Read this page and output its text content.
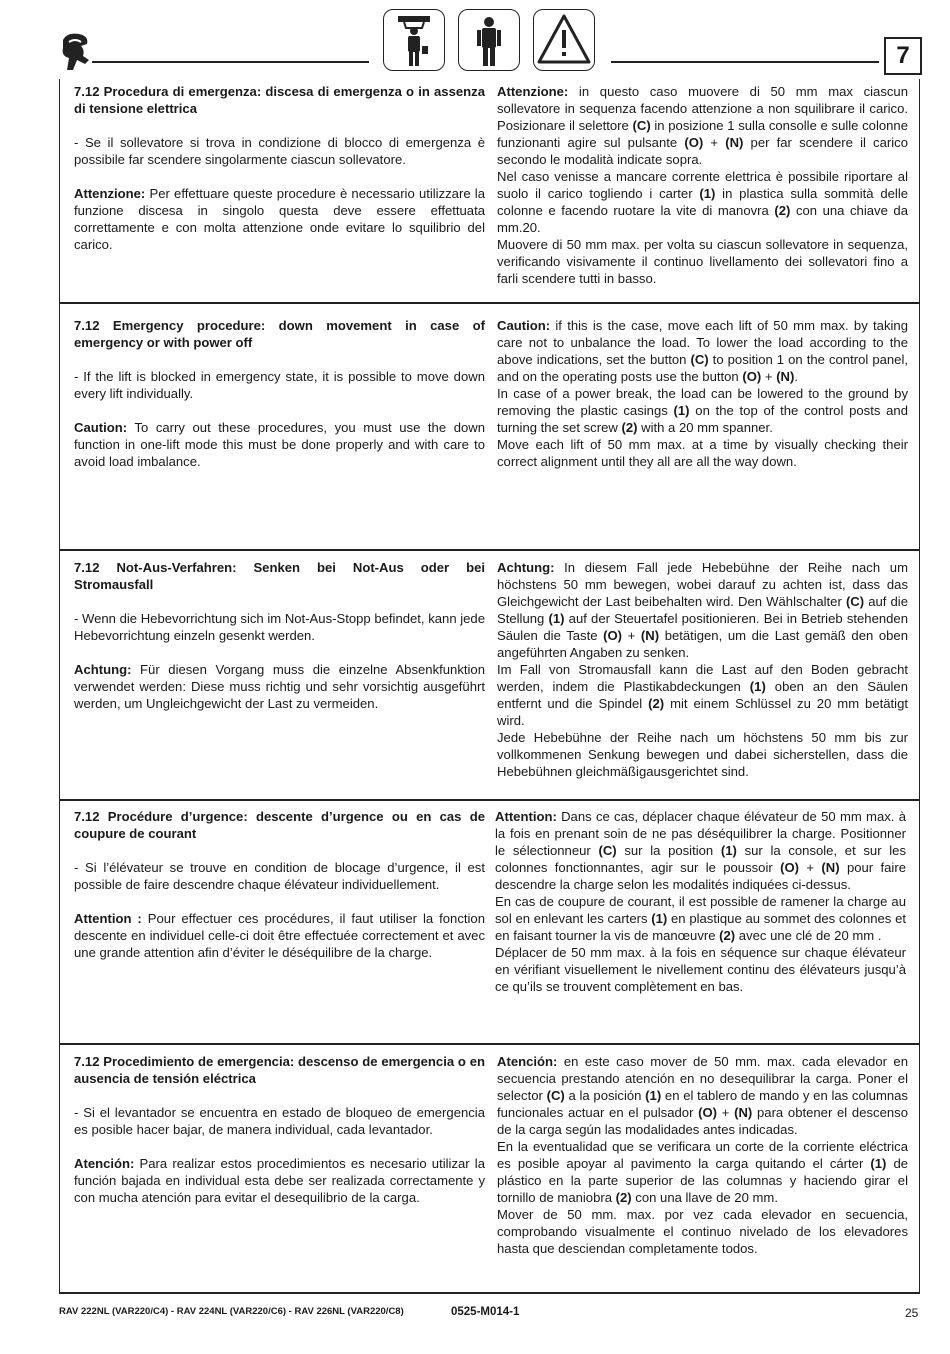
7

7.12 Procedura di emergenza: discesa di emergenza o in assenza di tensione elettrica

- Se il sollevatore si trova in condizione di blocco di emergenza è possibile far scendere singolarmente ciascun sollevatore.

Attenzione: Per effettuare queste procedure è necessario utilizzare la funzione discesa in singolo questa deve essere effettuata correttamente e con molta attenzione onde evitare lo squilibrio del carico.

Attenzione: in questo caso muovere di 50 mm max ciascun sollevatore in sequenza facendo attenzione a non squilibrare il carico. Posizionare il selettore (C) in posizione 1 sulla consolle e sulle colonne funzionanti agire sul pulsante (O) + (N) per far scendere il carico secondo le modalità indicate sopra.

Nel caso venisse a mancare corrente elettrica è possibile riportare al suolo il carico togliendo i carter (1) in plastica sulla sommità delle colonne e facendo ruotare la vite di manovra (2) con una chiave da mm.20.

Muovere di 50 mm max. per volta su ciascun sollevatore in sequenza, verificando visivamente il continuo livellamento dei sollevatori fino a farli scendere tutti in basso.

7.12 Emergency procedure: down movement in case of emergency or with power off

- If the lift is blocked in emergency state, it is possible to move down every lift individually.

Caution: To carry out these procedures, you must use the down function in one-lift mode this must be done properly and with care to avoid load imbalance.

Caution: if this is the case, move each lift of 50 mm max. by taking care not to unbalance the load. To lower the load according to the above indications, set the button (C) to position 1 on the control panel, and on the operating posts use the button (O) + (N).

In case of a power break, the load can be lowered to the ground by removing the plastic casings (1) on the top of the control posts and turning the set screw (2) with a 20 mm spanner.

Move each lift of 50 mm max. at a time by visually checking their correct alignment until they all are all the way down.

7.12 Not-Aus-Verfahren: Senken bei Not-Aus oder bei Stromausfall

- Wenn die Hebevorrichtung sich im Not-Aus-Stopp befindet, kann jede Hebevorrichtung einzeln gesenkt werden.

Achtung: Für diesen Vorgang muss die einzelne Absenkfunktion verwendet werden: Diese muss richtig und sehr vorsichtig ausgeführt werden, um Ungleichgewicht der Last zu vermeiden.

Achtung: In diesem Fall jede Hebebühne der Reihe nach um höchstens 50 mm bewegen, wobei darauf zu achten ist, dass das Gleichgewicht der Last beibehalten wird. Den Wählschalter (C) auf die Stellung (1) auf der Steuertafel positionieren. Bei in Betrieb stehenden Säulen die Taste (O) + (N) betätigen, um die Last gemäß den oben angeführten Angaben zu senken.

Im Fall von Stromausfall kann die Last auf den Boden gebracht werden, indem die Plastikabdeckungen (1) oben an den Säulen entfernt und die Spindel (2) mit einem Schlüssel zu 20 mm betätigt wird.

Jede Hebebühne der Reihe nach um höchstens 50 mm bis zur vollkommenen Senkung bewegen und dabei sicherstellen, dass die Hebebühnen gleichmäßigausgerichtet sind.

7.12 Procédure d’urgence: descente d’urgence ou en cas de coupure de courant

- Si l’élévateur se trouve en condition de blocage d’urgence, il est possible de faire descendre chaque élévateur individuellement.

Attention : Pour effectuer ces procédures, il faut utiliser la fonction descente en individuel celle-ci doit être effectuée correctement et avec une grande attention afin d’éviter le déséquilibre de la charge.

Attention: Dans ce cas, déplacer chaque élévateur de 50 mm max. à la fois en prenant soin de ne pas déséquilibrer la charge. Positionner le sélectionneur (C) sur la position (1) sur la console, et sur les colonnes fonctionnantes, agir sur le poussoir (O) + (N) pour faire descendre la charge selon les modalités indiquées ci-dessus.

En cas de coupure de courant, il est possible de ramener la charge au sol en enlevant les carters (1) en plastique au sommet des colonnes et en faisant tourner la vis de manœuvre (2) avec une clé de 20 mm .

Déplacer de 50 mm max. à la fois en séquence sur chaque élévateur en vérifiant visuellement le nivellement continu des élévateurs jusqu’à ce qu’ils se trouvent complètement en bas.

7.12 Procedimiento de emergencia: descenso de emergencia o en ausencia de tensión eléctrica

- Si el levantador se encuentra en estado de bloqueo de emergencia es posible hacer bajar, de manera individual, cada levantador.

Atención: Para realizar estos procedimientos es necesario utilizar la función bajada en individual esta debe ser realizada correctamente y con mucha atención para evitar el desequilibrio de la carga.

Atención: en este caso mover de 50 mm. max. cada elevador en secuencia prestando atención en no desequilibrar la carga. Poner el selector (C) a la posición (1) en el tablero de mando y en las columnas funcionales actuar en el pulsador (O) + (N) para obtener el descenso de la carga según las modalidades antes indicadas.

En la eventualidad que se verificara un corte de la corriente eléctrica es posible apoyar al pavimento la carga quitando el cárter (1) de plástico en la parte superior de las columnas y haciendo girar el tornillo de maniobra (2) con una llave de 20 mm.

Mover de 50 mm. max. por vez cada elevador en secuencia, comprobando visualmente el continuo nivelado de los elevadores hasta que desciendan completamente todos.

RAV 222NL (VAR220/C4) - RAV 224NL (VAR220/C6) - RAV 226NL (VAR220/C8)	0525-M014-1	25
